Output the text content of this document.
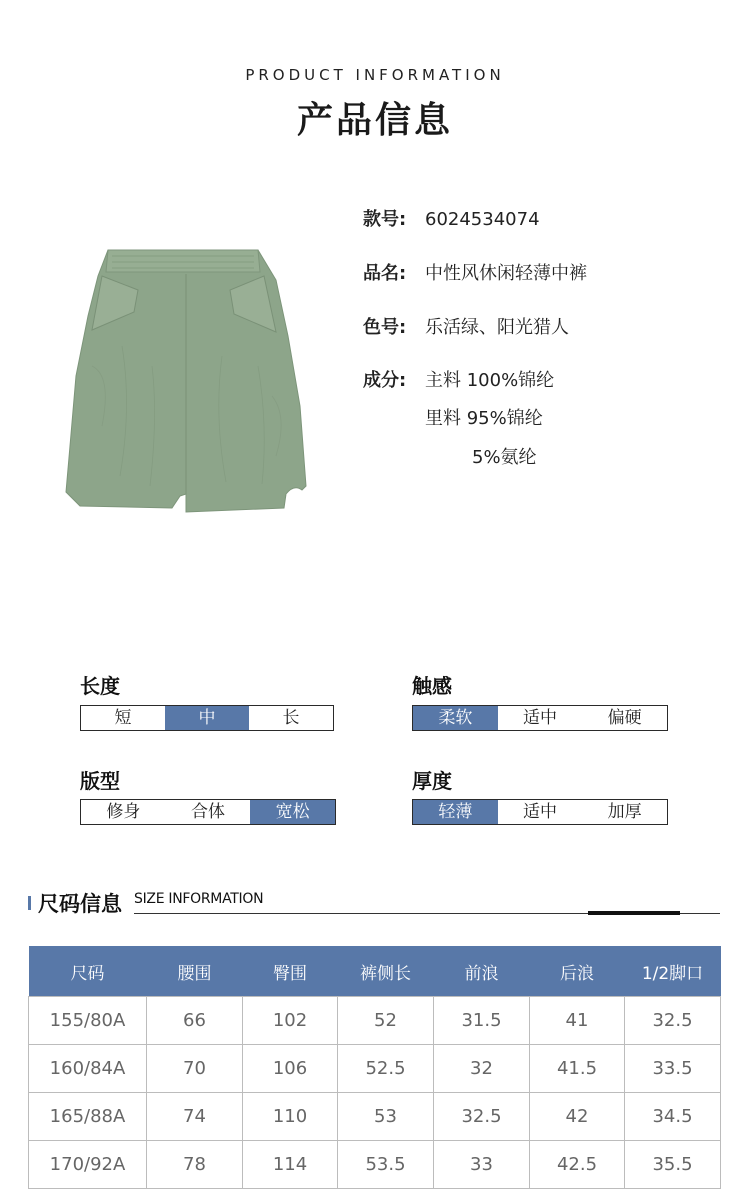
PRODUCT INFORMATION
产品信息
款号: 6024534074
品名: 中性风休闲轻薄中裤
色号: 乐活绿、阳光猎人
成分: 主料 100%锦纶
里料 95%锦纶
5%氨纶
长度
短	中	长
触感
柔软	适中	偏硬
版型
修身	合体	宽松
厚度
轻薄	适中	加厚
尺码信息 SIZE INFORMATION
尺码	腰围	臀围	裤侧长	前浪	后浪	1/2脚口
155/80A	66	102	52	31.5	41	32.5
160/84A	70	106	52.5	32	41.5	33.5
165/88A	74	110	53	32.5	42	34.5
170/92A	78	114	53.5	33	42.5	35.5
